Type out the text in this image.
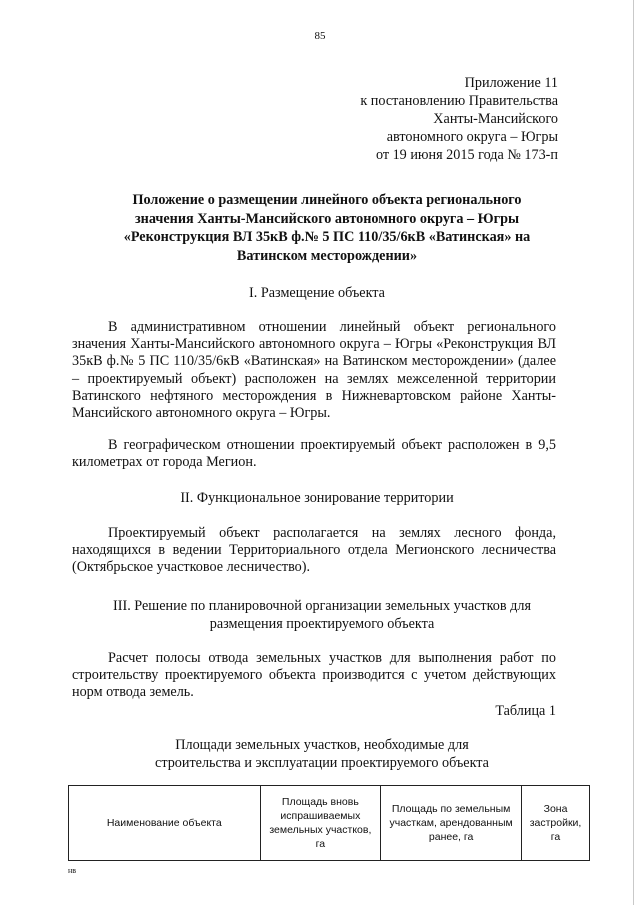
85
Приложение 11
к постановлению Правительства
Ханты-Мансийского
автономного округа – Югры
от 19 июня 2015 года № 173-п
Положение о размещении линейного объекта регионального
значения Ханты-Мансийского автономного округа – Югры
«Реконструкция ВЛ 35кВ ф.№ 5 ПС 110/35/6кВ «Ватинская» на
Ватинском месторождении»
I. Размещение объекта

В административном отношении линейный объект регионального значения Ханты-Мансийского автономного округа – Югры «Реконструкция ВЛ 35кВ ф.№ 5 ПС 110/35/6кВ «Ватинская» на Ватинском месторождении» (далее – проектируемый объект) расположен на землях межселенной территории Ватинского нефтяного месторождения в Нижневартовском районе Ханты-Мансийского автономного округа – Югры.

В географическом отношении проектируемый объект расположен в 9,5 километрах от города Мегион.

II. Функциональное зонирование территории

Проектируемый объект располагается на землях лесного фонда, находящихся в ведении Территориального отдела Мегионского лесничества (Октябрьское участковое лесничество).

III. Решение по планировочной организации земельных участков для
размещения проектируемого объекта

Расчет полосы отвода земельных участков для выполнения работ по строительству проектируемого объекта производится с учетом действующих норм отвода земель.

Таблица 1
Площади земельных участков, необходимые для
строительства и эксплуатации проектируемого объекта
Наименование объекта	Площадь вновь испрашиваемых земельных участков, га	Площадь по земельным участкам, арендованным ранее, га	Зона застройки, га
нв
